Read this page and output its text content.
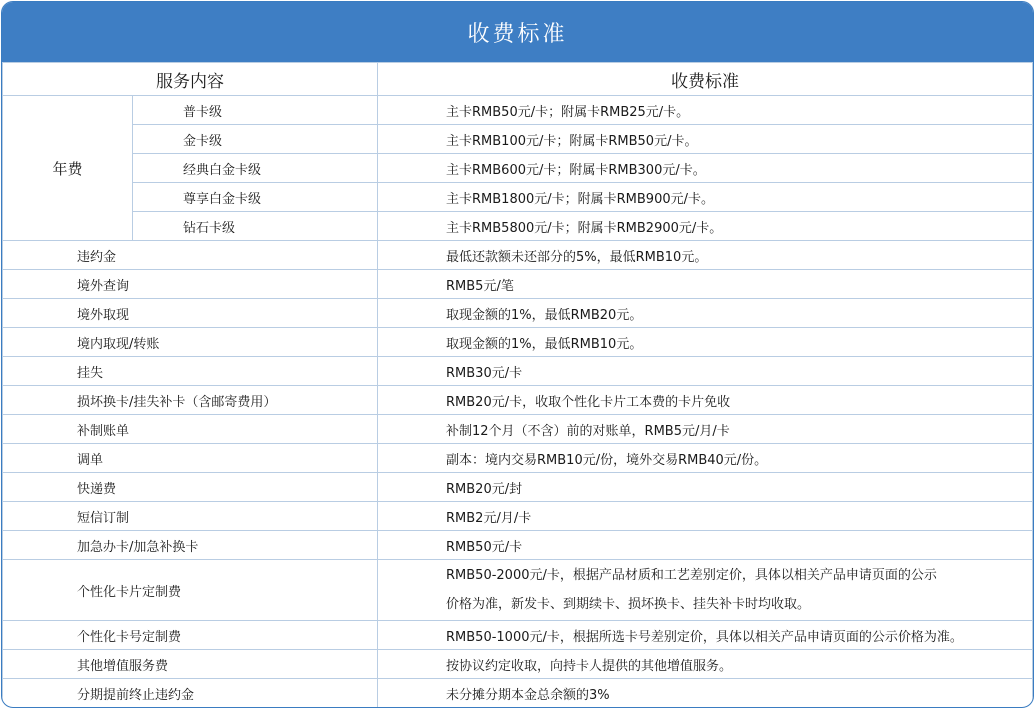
收费标准
服务内容		收费标准
年费	普卡级	主卡RMB50元/卡；附属卡RMB25元/卡。
	金卡级	主卡RMB100元/卡；附属卡RMB50元/卡。
	经典白金卡级	主卡RMB600元/卡；附属卡RMB300元/卡。
	尊享白金卡级	主卡RMB1800元/卡；附属卡RMB900元/卡。
	钻石卡级	主卡RMB5800元/卡；附属卡RMB2900元/卡。
违约金		最低还款额未还部分的5%，最低RMB10元。
境外查询		RMB5元/笔
境外取现		取现金额的1%，最低RMB20元。
境内取现/转账		取现金额的1%，最低RMB10元。
挂失		RMB30元/卡
损坏换卡/挂失补卡（含邮寄费用）		RMB20元/卡，收取个性化卡片工本费的卡片免收
补制账单		补制12个月（不含）前的对账单，RMB5元/月/卡
调单		副本：境内交易RMB10元/份，境外交易RMB40元/份。
快递费		RMB20元/封
短信订制		RMB2元/月/卡
加急办卡/加急补换卡		RMB50元/卡
个性化卡片定制费		RMB50-2000元/卡，根据产品材质和工艺差别定价，具体以相关产品申请页面的公示
价格为准，新发卡、到期续卡、损坏换卡、挂失补卡时均收取。

个性化卡号定制费		RMB50-1000元/卡，根据所选卡号差别定价，具体以相关产品申请页面的公示价格为准。
其他增值服务费		按协议约定收取，向持卡人提供的其他增值服务。
分期提前终止违约金		未分摊分期本金总余额的3%
